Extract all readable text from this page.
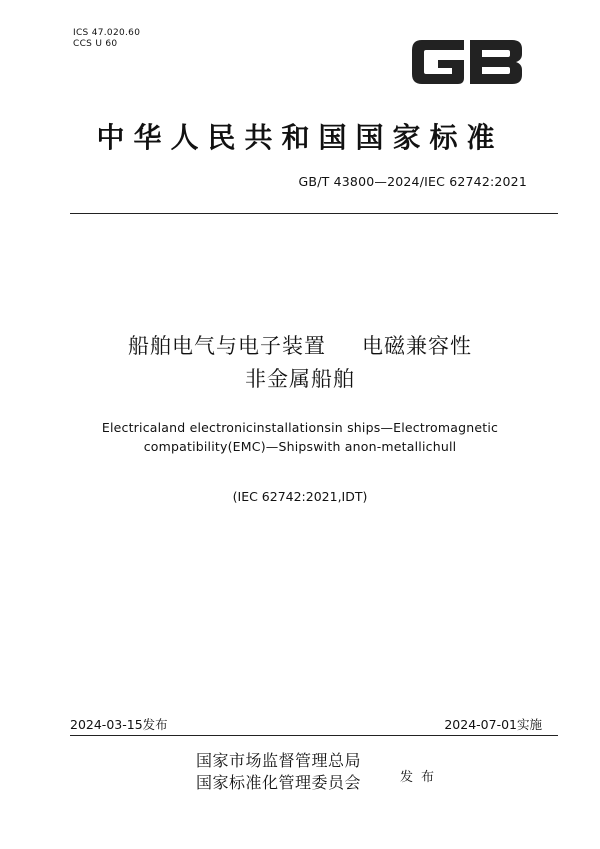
ICS 47.020.60
CCS U 60
中华人民共和国国家标准
GB/T 43800—2024/IEC 62742:2021
船舶电气与电子装置 电磁兼容性
非金属船舶
Electricaland electronicinstallationsin ships—Electromagnetic
compatibility(EMC)—Shipswith anon-metallichull
(IEC 62742:2021,IDT)
2024-03-15发布	2024-07-01实施
国家市场监督管理总局
国家标准化管理委员会	发布
